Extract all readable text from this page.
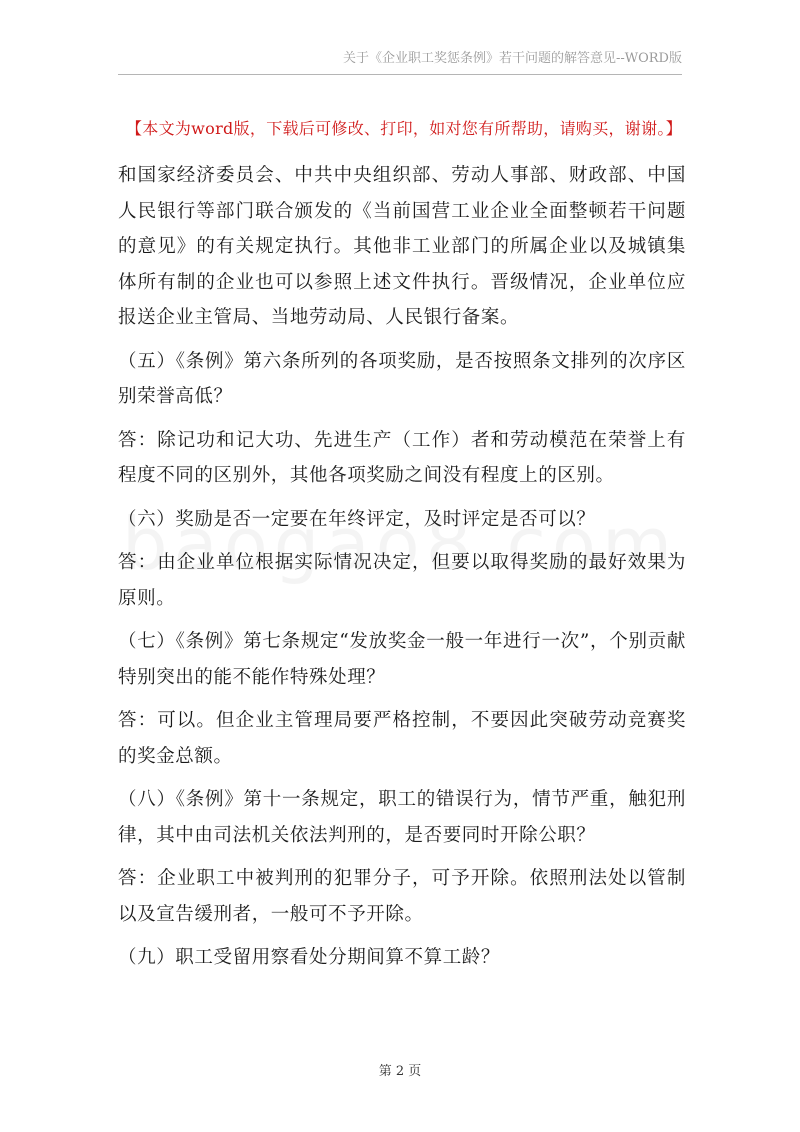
关于《企业职工奖惩条例》若干问题的解答意见--WORD版
【本文为word版，下载后可修改、打印，如对您有所帮助，请购买，谢谢。】

和国家经济委员会、中共中央组织部、劳动人事部、财政部、中国人民银行等部门联合颁发的《当前国营工业企业全面整顿若干问题的意见》的有关规定执行。其他非工业部门的所属企业以及城镇集体所有制的企业也可以参照上述文件执行。晋级情况，企业单位应报送企业主管局、当地劳动局、人民银行备案。

（五）《条例》第六条所列的各项奖励，是否按照条文排列的次序区别荣誉高低？

答：除记功和记大功、先进生产（工作）者和劳动模范在荣誉上有程度不同的区别外，其他各项奖励之间没有程度上的区别。

（六）奖励是否一定要在年终评定，及时评定是否可以？

答：由企业单位根据实际情况决定，但要以取得奖励的最好效果为原则。

（七）《条例》第七条规定“发放奖金一般一年进行一次”，个别贡献特别突出的能不能作特殊处理？

答：可以。但企业主管理局要严格控制，不要因此突破劳动竞赛奖的奖金总额。

（八）《条例》第十一条规定，职工的错误行为，情节严重，触犯刑律，其中由司法机关依法判刑的，是否要同时开除公职？

答：企业职工中被判刑的犯罪分子，可予开除。依照刑法处以管制以及宣告缓刑者，一般可不予开除。

（九）职工受留用察看处分期间算不算工龄？

第 2 页
